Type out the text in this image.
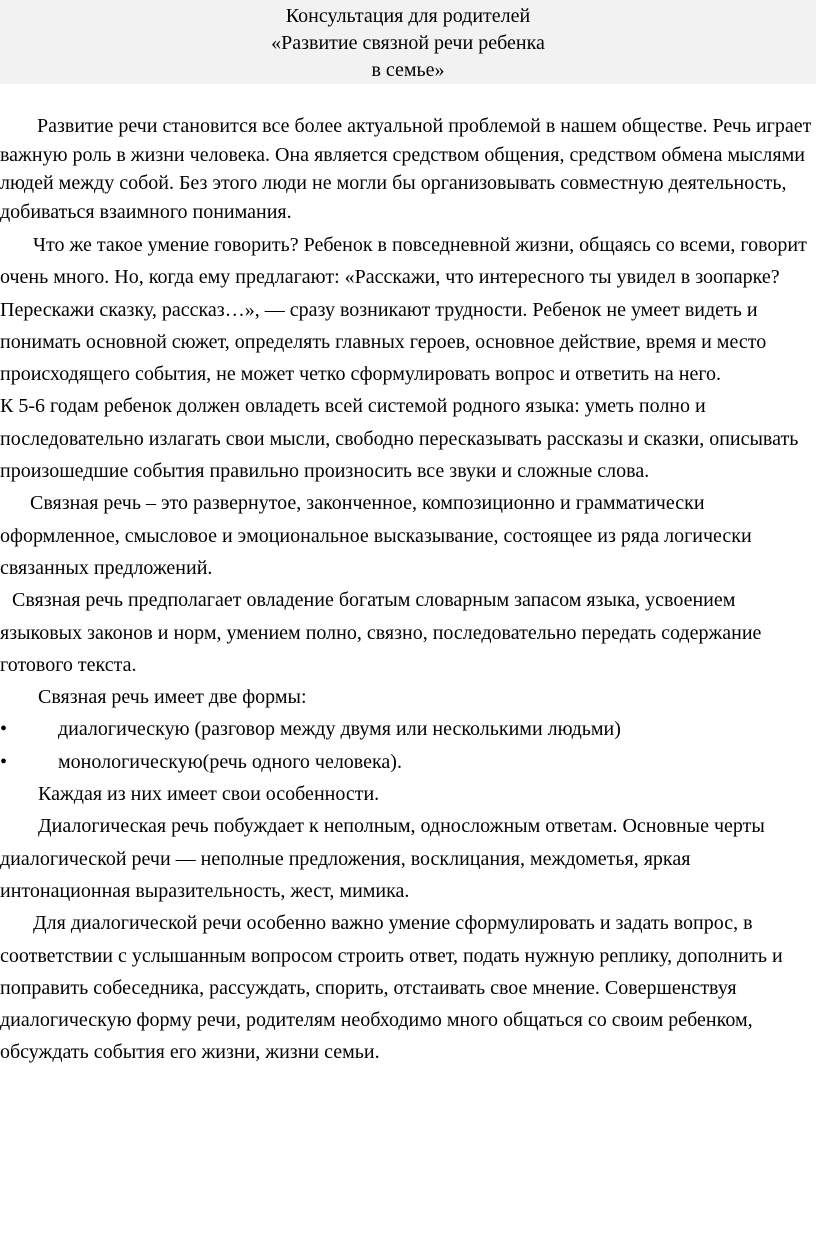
Консультация для родителей
«Развитие связной речи ребенка
в семье»

Развитие речи становится все более актуальной проблемой в нашем обществе. Речь играет важную роль в жизни человека. Она является средством общения, средством обмена мыслями людей между собой. Без этого люди не могли бы организовывать совместную деятельность, добиваться взаимного понимания.

Что же такое умение говорить? Ребенок в повседневной жизни, общаясь со всеми, говорит очень много. Но, когда ему предлагают: «Расскажи, что интересного ты увидел в зоопарке? Перескажи сказку, рассказ…», — сразу возникают трудности. Ребенок не умеет видеть и понимать основной сюжет, определять главных героев, основное действие, время и место происходящего события, не может четко сформулировать вопрос и ответить на него.

К 5-6 годам ребенок должен овладеть всей системой родного языка: уметь полно и последовательно излагать свои мысли, свободно пересказывать рассказы и сказки, описывать произошедшие события правильно произносить все звуки и сложные слова.

Связная речь – это развернутое, законченное, композиционно и грамматически оформленное, смысловое и эмоциональное высказывание, состоящее из ряда логически связанных предложений.

Связная речь предполагает овладение богатым словарным запасом языка, усвоением языковых законов и норм, умением полно, связно, последовательно передать содержание готового текста.

Связная речь имеет две формы:

•	диалогическую (разговор между двумя или несколькими людьми)
•	монологическую(речь одного человека).

Каждая из них имеет свои особенности.

Диалогическая речь побуждает к неполным, односложным ответам. Основные черты диалогической речи — неполные предложения, восклицания, междометья, яркая интонационная выразительность, жест, мимика.

Для диалогической речи особенно важно умение сформулировать и задать вопрос, в соответствии с услышанным вопросом строить ответ, подать нужную реплику, дополнить и поправить собеседника, рассуждать, спорить, отстаивать свое мнение. Совершенствуя диалогическую форму речи, родителям необходимо много общаться со своим ребенком, обсуждать события его жизни, жизни семьи.
